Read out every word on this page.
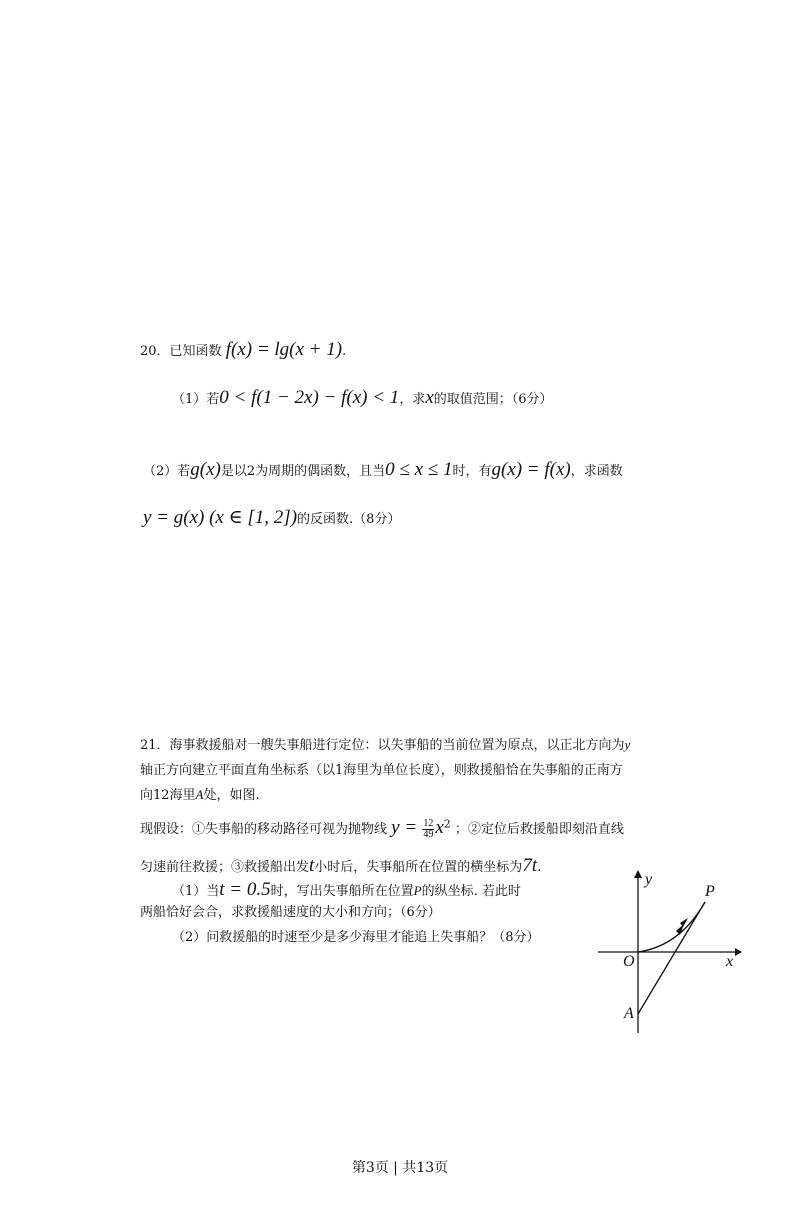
20．已知函数 f(x) = lg(x + 1).
（1）若0 < f(1 − 2x) − f(x) < 1，求x的取值范围；（6分）
（2）若g(x)是以2为周期的偶函数，且当0 ≤ x ≤ 1时，有g(x) = f(x)，求函数
y = g(x) (x ∈ [1, 2])的反函数.（8分）
21．海事救援船对一艘失事船进行定位：以失事船的当前位置为原点，以正北方向为y
轴正方向建立平面直角坐标系（以1海里为单位长度），则救援船恰在失事船的正南方
向12海里A处，如图.
现假设：①失事船的移动路径可视为抛物线 $y = \frac{12}{49} x^2$ ；②定位后救援船即刻沿直线
匀速前往救援；③救援船出发t小时后，失事船所在位置的横坐标为7t.
（1）当t = 0.5时，写出失事船所在位置P的纵坐标. 若此时
两船恰好会合，求救援船速度的大小和方向；（6分）
（2）问救援船的时速至少是多少海里才能追上失事船？（8分）
y
x
O
A
P
第3页 | 共13页
